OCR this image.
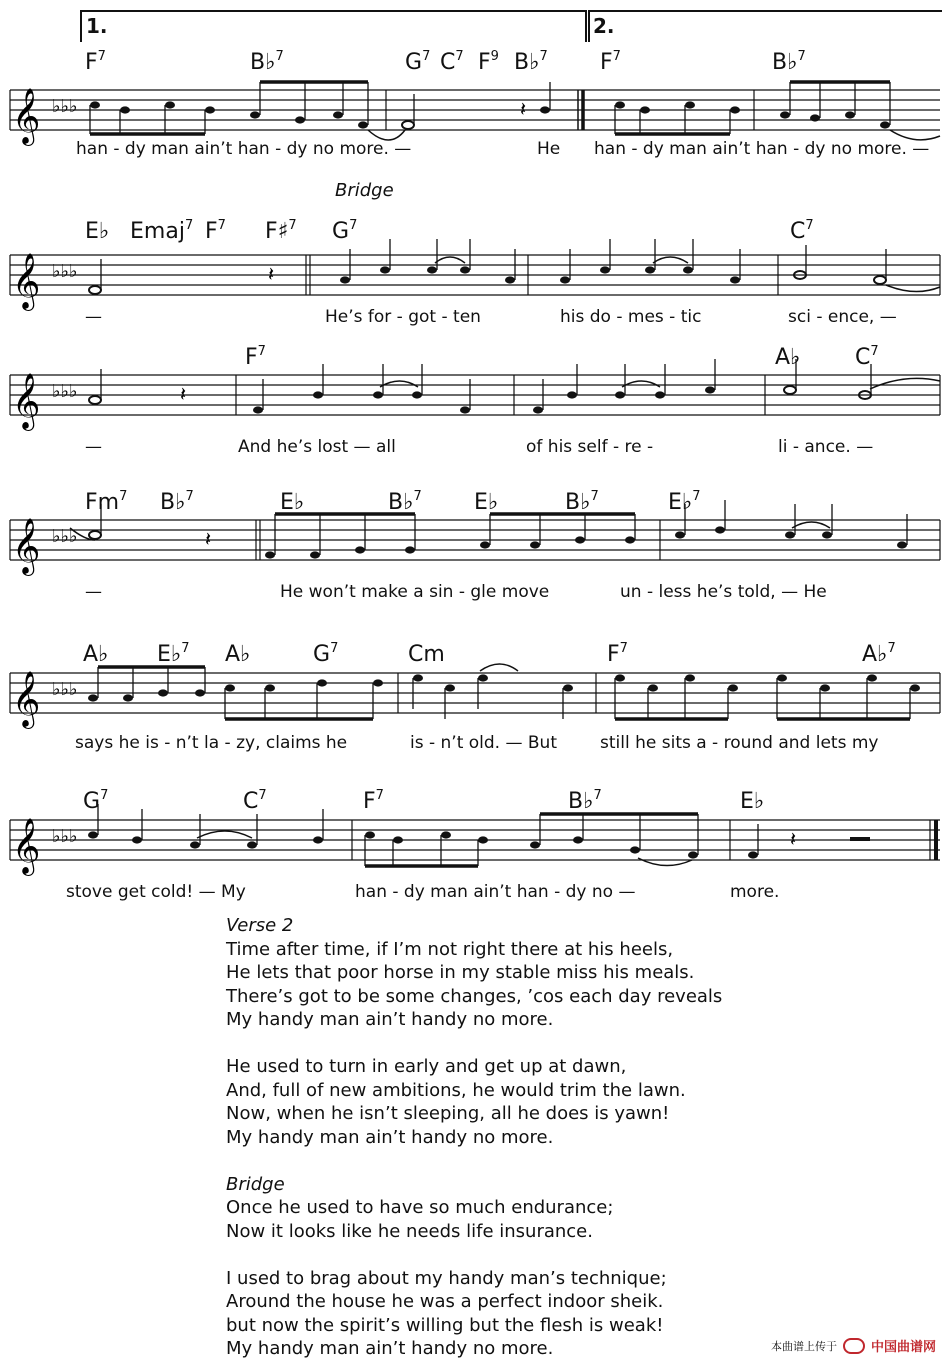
1.	2.
$F^7$	B♭$^7$	$G^7$ $C^7$ $F^9$ B♭$^7$ $F^7$	B♭$^7$
𝄞 ♭♭♭	𝄽
han - dy man ain’t han - dy no more. —	He han - dy man ain’t han - dy no more. —
Bridge
E♭ Emaj$^7$ $F^7$ F♯$^7$ $G^7$	$C^7$
𝄞 ♭♭♭	𝄽
—	He’s for - got - ten	his do - mes - tic	sci - ence, —
$F^7$	A♭ $C^7$
𝄞 ♭♭♭	𝄽
—	And he’s lost — all	of his self - re -	li - ance. —
Fm$^7$ B♭$^7$	E♭	B♭$^7$ E♭	B♭$^7$	E♭$^7$
𝄞 ♭♭♭	𝄽
—	He won’t make a sin - gle move	un - less he’s told, — He
A♭ E♭$^7$ A♭	$G^7$	Cm	$F^7$	A♭$^7$
𝄞 ♭♭♭
says he is - n’t la - zy, claims he	is - n’t old. — But	still he sits a - round and lets my
$G^7$	$C^7$	$F^7$	B♭$^7$	E♭
𝄞 ♭♭♭	𝄽
stove get cold! — My	han - dy man ain’t han - dy no —	more.
Verse 2
Time after time, if I’m not right there at his heels,
He lets that poor horse in my stable miss his meals.
There’s got to be some changes, ’cos each day reveals
My handy man ain’t handy no more.
He used to turn in early and get up at dawn,
And, full of new ambitions, he would trim the lawn.
Now, when he isn’t sleeping, all he does is yawn!
My handy man ain’t handy no more.
Bridge
Once he used to have so much endurance;
Now it looks like he needs life insurance.
I used to brag about my handy man’s technique;
Around the house he was a perfect indoor sheik.
but now the spirit’s willing but the flesh is weak!
My handy man ain’t handy no more.	本曲谱上传于	中国曲谱网
